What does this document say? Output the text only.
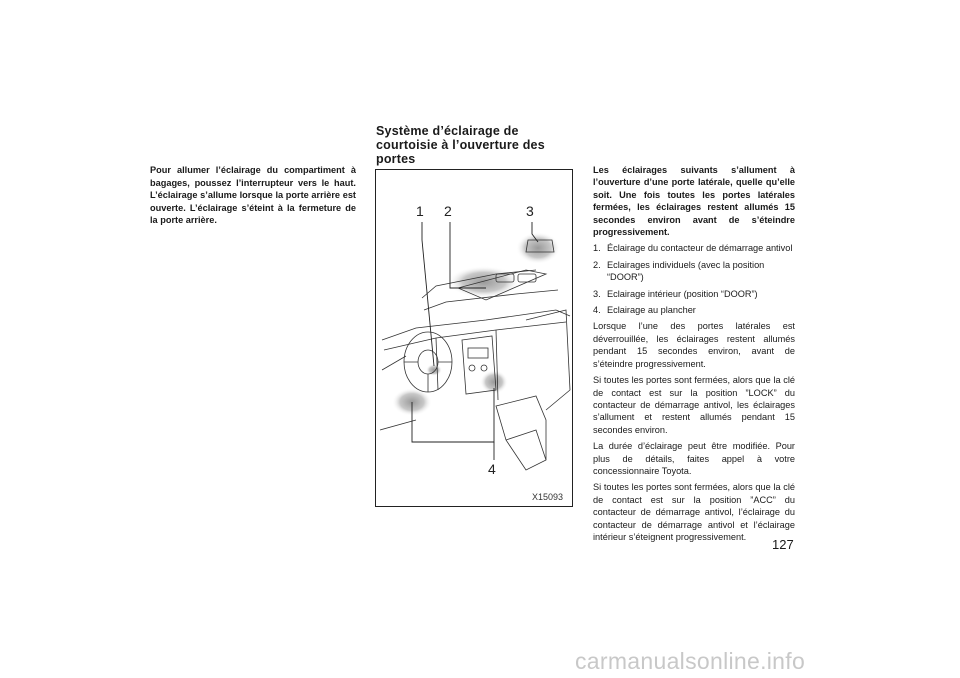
Pour allumer l’éclairage du compartiment à bagages, poussez l’interrupteur vers le haut. L’éclairage s’allume lorsque la porte arrière est ouverte. L’éclairage s’éteint à la fermeture de la porte arrière.
Système d’éclairage de courtoisie à l’ouverture des portes
1 2	3
4
X15093

Les éclairages suivants s’allument à l’ouverture d’une porte latérale, quelle qu’elle soit. Une fois toutes les portes latérales fermées, les éclairages restent allumés 15 secondes environ avant de s’éteindre progressivement.

1. Éclairage du contacteur de démarrage antivol
2. Eclairages individuels (avec la position “DOOR”)
3. Eclairage intérieur (position “DOOR”)
4. Eclairage au plancher

Lorsque l’une des portes latérales est déverrouillée, les éclairages restent allumés pendant 15 secondes environ, avant de s’éteindre progressivement.

Si toutes les portes sont fermées, alors que la clé de contact est sur la position ”LOCK” du contacteur de démarrage antivol, les éclairages s’allument et restent allumés pendant 15 secondes environ.

La durée d’éclairage peut être modifiée. Pour plus de détails, faites appel à votre concessionnaire Toyota.

Si toutes les portes sont fermées, alors que la clé de contact est sur la position ”ACC” du contacteur de démarrage antivol, l’éclairage du contacteur de démarrage antivol et l’éclairage intérieur s’éteignent progressivement.

127
carmanualsonline.info
